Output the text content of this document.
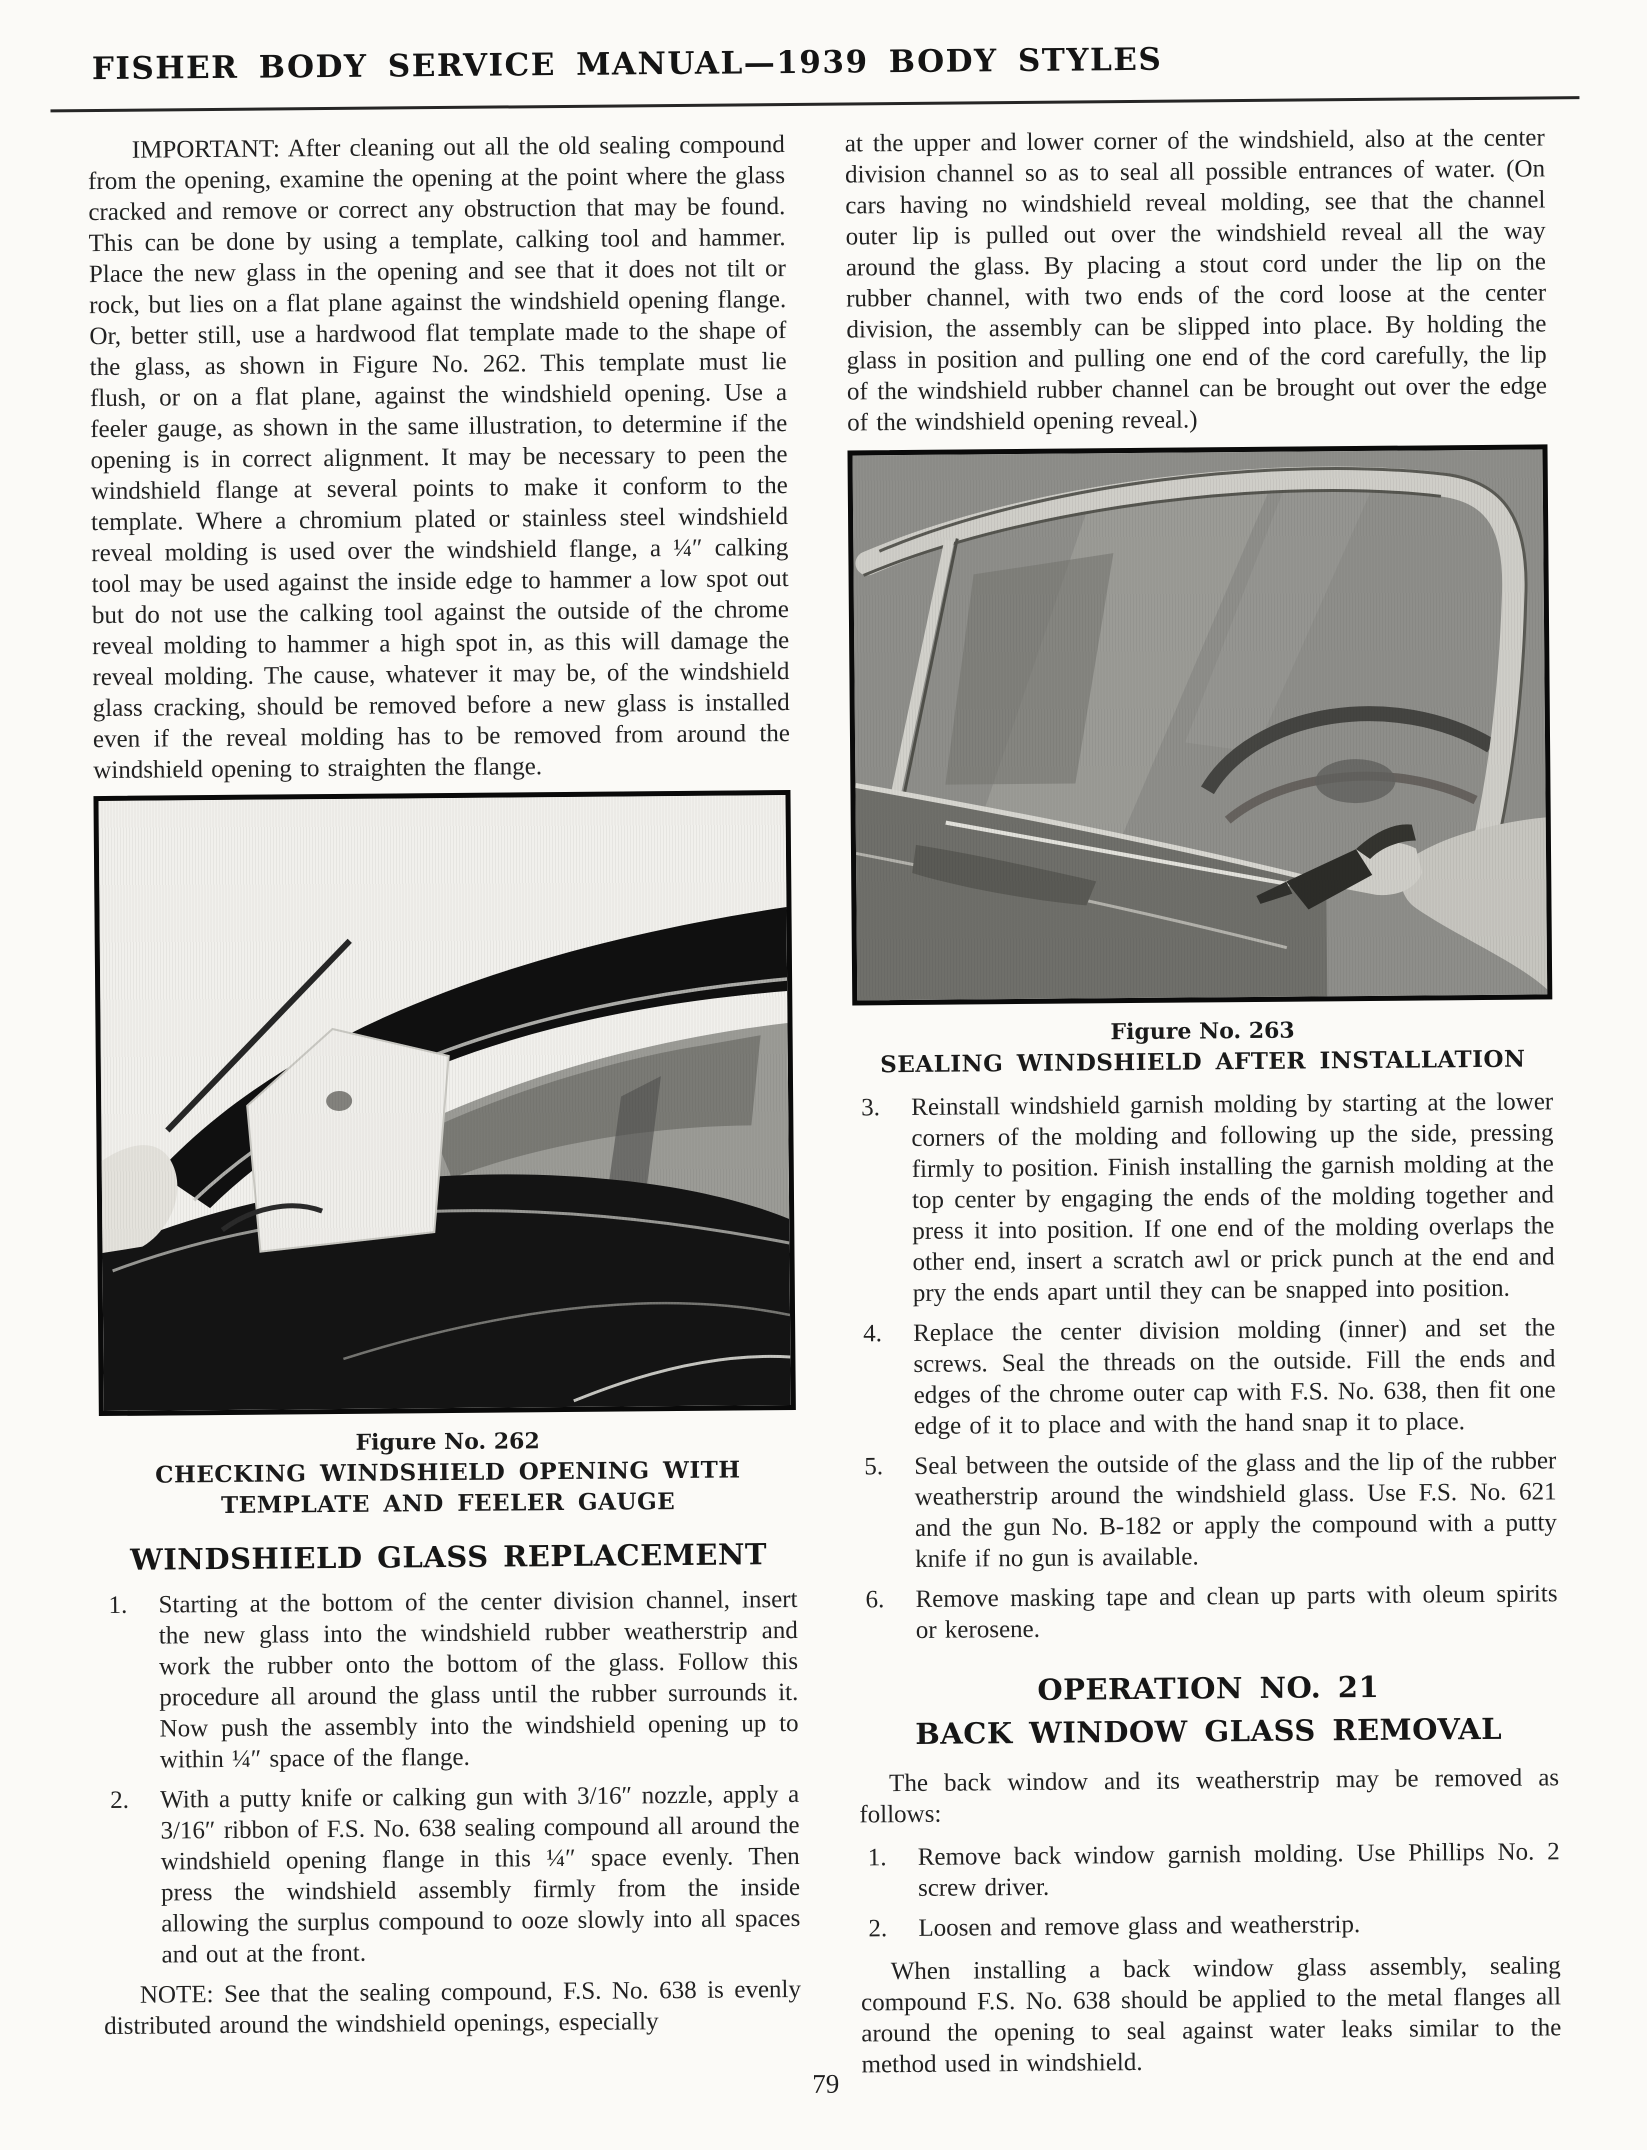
FISHER BODY SERVICE MANUAL—1939 BODY STYLES

IMPORTANT: After cleaning out all the old sealing compound from the opening, examine the opening at the point where the glass cracked and remove or correct any obstruction that may be found. This can be done by using a template, calking tool and hammer. Place the new glass in the opening and see that it does not tilt or rock, but lies on a flat plane against the windshield opening flange. Or, better still, use a hardwood flat template made to the shape of the glass, as shown in Figure No. 262. This template must lie flush, or on a flat plane, against the windshield opening. Use a feeler gauge, as shown in the same illustration, to determine if the opening is in correct alignment. It may be necessary to peen the windshield flange at several points to make it conform to the template. Where a chromium plated or stainless steel windshield reveal molding is used over the windshield flange, a ¼″ calking tool may be used against the inside edge to hammer a low spot out but do not use the calking tool against the outside of the chrome reveal molding to hammer a high spot in, as this will damage the reveal molding. The cause, whatever it may be, of the windshield glass cracking, should be removed before a new glass is installed even if the reveal molding has to be removed from around the windshield opening to straighten the flange.

Figure No. 262
CHECKING WINDSHIELD OPENING WITH
TEMPLATE AND FEELER GAUGE
WINDSHIELD GLASS REPLACEMENT
1. Starting at the bottom of the center division channel, insert the new glass into the windshield rubber weatherstrip and work the rubber onto the bottom of the glass. Follow this procedure all around the glass until the rubber surrounds it. Now push the assembly into the windshield opening up to within ¼″ space of the flange.
2. With a putty knife or calking gun with 3/16″ nozzle, apply a 3/16″ ribbon of F.S. No. 638 sealing compound all around the windshield opening flange in this ¼″ space evenly. Then press the windshield assembly firmly from the inside allowing the surplus compound to ooze slowly into all spaces and out at the front.

NOTE: See that the sealing compound, F.S. No. 638 is evenly distributed around the windshield openings, especially

at the upper and lower corner of the windshield, also at the center division channel so as to seal all possible entrances of water. (On cars having no windshield reveal molding, see that the channel outer lip is pulled out over the windshield reveal all the way around the glass. By placing a stout cord under the lip on the rubber channel, with two ends of the cord loose at the center division, the assembly can be slipped into place. By holding the glass in position and pulling one end of the cord carefully, the lip of the windshield rubber channel can be brought out over the edge of the windshield opening reveal.)

Figure No. 263
SEALING WINDSHIELD AFTER INSTALLATION
3. Reinstall windshield garnish molding by starting at the lower corners of the molding and following up the side, pressing firmly to position. Finish installing the garnish molding at the top center by engaging the ends of the molding together and press it into position. If one end of the molding overlaps the other end, insert a scratch awl or prick punch at the end and pry the ends apart until they can be snapped into position.
4. Replace the center division molding (inner) and set the screws. Seal the threads on the outside. Fill the ends and edges of the chrome outer cap with F.S. No. 638, then fit one edge of it to place and with the hand snap it to place.
5. Seal between the outside of the glass and the lip of the rubber weatherstrip around the windshield glass. Use F.S. No. 621 and the gun No. B-182 or apply the compound with a putty knife if no gun is available.
6. Remove masking tape and clean up parts with oleum spirits or kerosene.
OPERATION NO. 21
BACK WINDOW GLASS REMOVAL

The back window and its weatherstrip may be removed as follows:

1. Remove back window garnish molding. Use Phillips No. 2 screw driver.
2. Loosen and remove glass and weatherstrip.

When installing a back window glass assembly, sealing compound F.S. No. 638 should be applied to the metal flanges all around the opening to seal against water leaks similar to the method used in windshield.

79
